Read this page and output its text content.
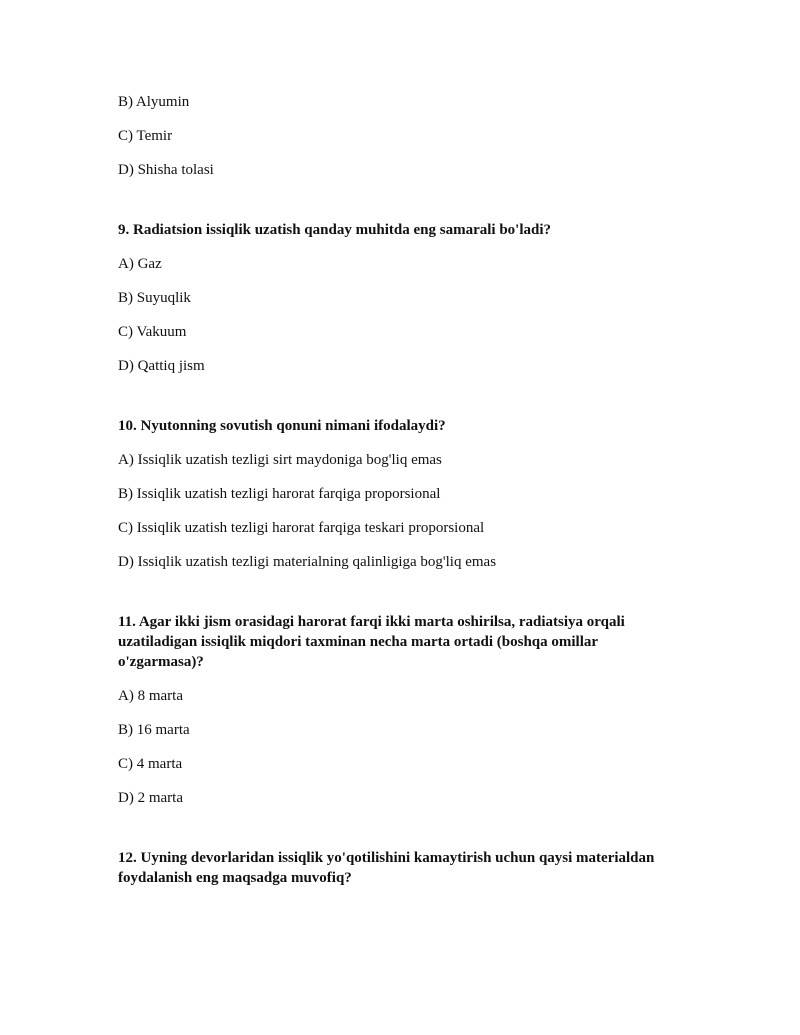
B) Alyumin

C) Temir

D) Shisha tolasi

9. Radiatsion issiqlik uzatish qanday muhitda eng samarali bo'ladi?

A) Gaz

B) Suyuqlik

C) Vakuum

D) Qattiq jism

10. Nyutonning sovutish qonuni nimani ifodalaydi?

A) Issiqlik uzatish tezligi sirt maydoniga bog'liq emas

B) Issiqlik uzatish tezligi harorat farqiga proporsional

C) Issiqlik uzatish tezligi harorat farqiga teskari proporsional

D) Issiqlik uzatish tezligi materialning qalinligiga bog'liq emas

11. Agar ikki jism orasidagi harorat farqi ikki marta oshirilsa, radiatsiya orqali
uzatiladigan issiqlik miqdori taxminan necha marta ortadi (boshqa omillar
o'zgarmasa)?

A) 8 marta

B) 16 marta

C) 4 marta

D) 2 marta

12. Uyning devorlaridan issiqlik yo'qotilishini kamaytirish uchun qaysi materialdan
foydalanish eng maqsadga muvofiq?
